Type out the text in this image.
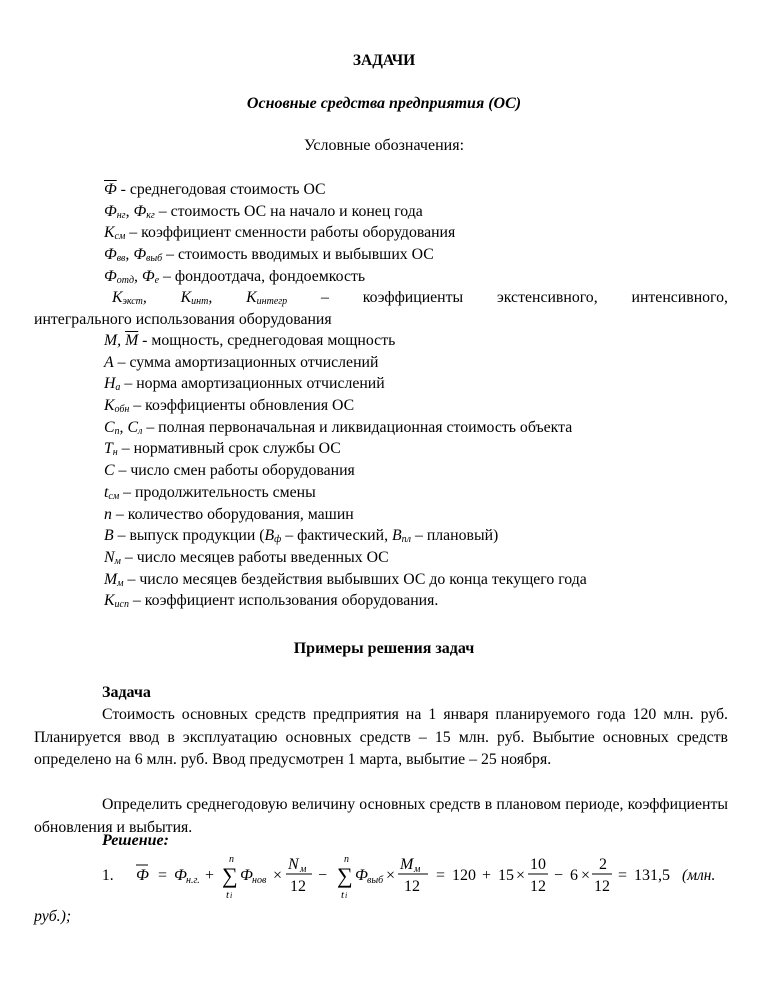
ЗАДАЧИ
Основные средства предприятия (ОС)
Условные обозначения:
Ф - среднегодовая стоимость ОС
$Ф_{нг}$, $Ф_{кг}$ – стоимость ОС на начало и конец года
$К_{см}$ – коэффициент сменности работы оборудования
$Ф_{вв}$, $Ф_{выб}$ – стоимость вводимых и выбывших ОС
$Ф_{отд}$, $Ф_е$ – фондоотдача, фондоемкость
$К_{экст}$, $К_{инт}$, $К_{интегр}$ – коэффициенты экстенсивного, интенсивного,
интегрального использования оборудования
М, М - мощность, среднегодовая мощность
А – сумма амортизационных отчислений
$Н_а$ – норма амортизационных отчислений
$К_{обн}$ – коэффициенты обновления ОС
$С_п$, $С_л$ – полная первоначальная и ликвидационная стоимость объекта
$Т_н$ – нормативный срок службы ОС
С – число смен работы оборудования
$t_{см}$ – продолжительность смены
n – количество оборудования, машин
В – выпуск продукции ($В_ф$ – фактический, $В_{пл}$ – плановый)
$N_м$ – число месяцев работы введенных ОС
$М_м$ – число месяцев бездействия выбывших ОС до конца текущего года
$К_{исп}$ – коэффициент использования оборудования.
Примеры решения задач
Задача
Стоимость основных средств предприятия на 1 января планируемого года 120 млн. руб. Планируется ввод в эксплуатацию основных средств – 15 млн. руб. Выбытие основных средств определено на 6 млн. руб. Ввод предусмотрен 1 марта, выбытие – 25 ноября.
Определить среднегодовую величину основных средств в плановом периоде, коэффициенты обновления и выбытия.
Решение:
1. Ф = Ф н.г. +
n
∑
t i
Ф нов ×
N м
12
−
n
∑
t i
Ф выб ×
М м
12
= 120 + 15 ×
10
12
− 6 ×
2
12
= 131,5 (млн.
руб.);
